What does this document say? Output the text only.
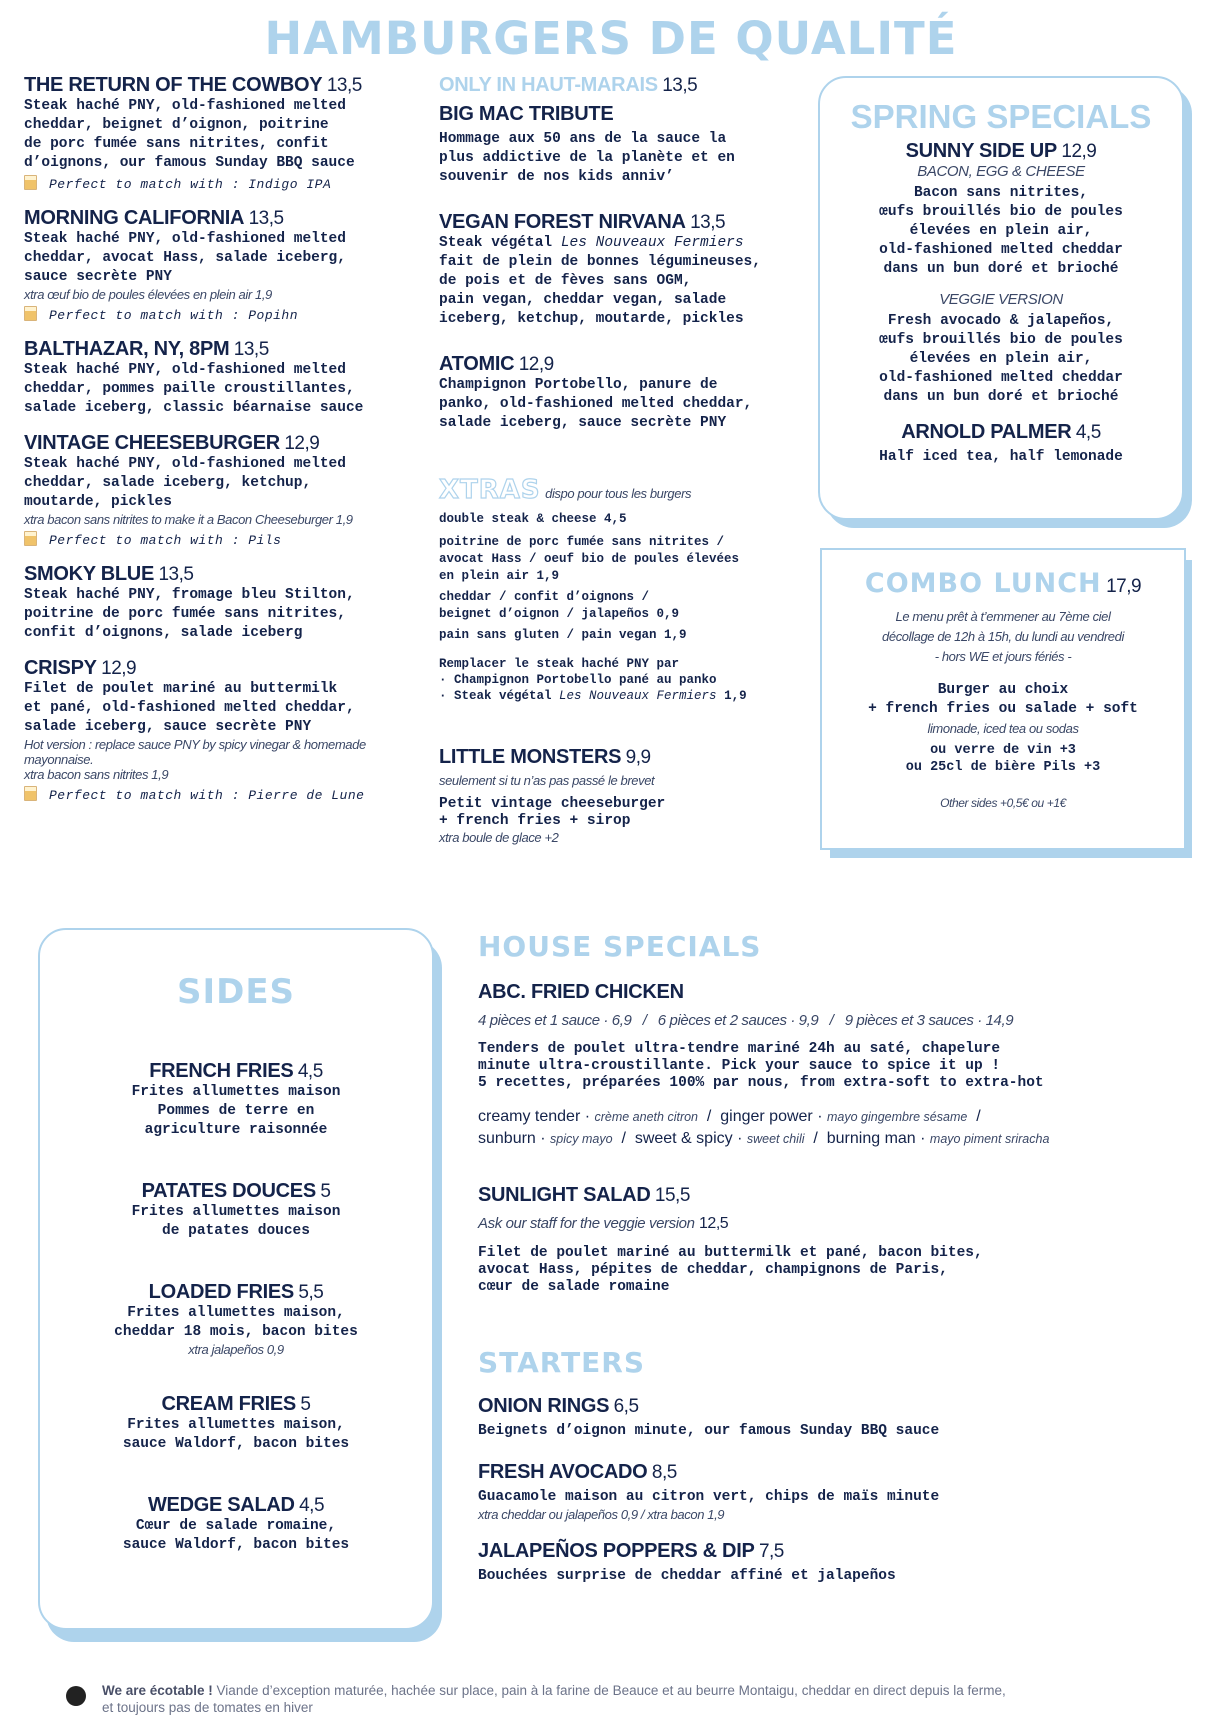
HAMBURGERS DE QUALITÉ
THE RETURN OF THE COWBOY 13,5
Steak haché PNY, old-fashioned melted
cheddar, beignet d’oignon, poitrine
de porc fumée sans nitrites, confit
d’oignons, our famous Sunday BBQ sauce
Perfect to match with : Indigo IPA
MORNING CALIFORNIA 13,5
Steak haché PNY, old-fashioned melted
cheddar, avocat Hass, salade iceberg,
sauce secrète PNY
xtra œuf bio de poules élevées en plein air 1,9
Perfect to match with : Popihn
BALTHAZAR, NY, 8PM 13,5
Steak haché PNY, old-fashioned melted
cheddar, pommes paille croustillantes,
salade iceberg, classic béarnaise sauce
VINTAGE CHEESEBURGER 12,9
Steak haché PNY, old-fashioned melted
cheddar, salade iceberg, ketchup,
moutarde, pickles
xtra bacon sans nitrites to make it a Bacon Cheeseburger 1,9
Perfect to match with : Pils
SMOKY BLUE 13,5
Steak haché PNY, fromage bleu Stilton,
poitrine de porc fumée sans nitrites,
confit d’oignons, salade iceberg
CRISPY 12,9
Filet de poulet mariné au buttermilk
et pané, old-fashioned melted cheddar,
salade iceberg, sauce secrète PNY
Hot version : replace sauce PNY by spicy vinegar & homemade mayonnaise.
xtra bacon sans nitrites 1,9
Perfect to match with : Pierre de Lune
ONLY IN HAUT-MARAIS 13,5
BIG MAC TRIBUTE
Hommage aux 50 ans de la sauce la
plus addictive de la planète et en
souvenir de nos kids anniv’
VEGAN FOREST NIRVANA 13,5
Steak végétal Les Nouveaux Fermiers
fait de plein de bonnes légumineuses,
de pois et de fèves sans OGM,
pain vegan, cheddar vegan, salade
iceberg, ketchup, moutarde, pickles
ATOMIC 12,9
Champignon Portobello, panure de
panko, old-fashioned melted cheddar,
salade iceberg, sauce secrète PNY
XTRAS dispo pour tous les burgers
double steak & cheese 4,5
poitrine de porc fumée sans nitrites /
avocat Hass / oeuf bio de poules élevées
en plein air 1,9
cheddar / confit d’oignons /
beignet d’oignon / jalapeños 0,9
pain sans gluten / pain vegan 1,9
Remplacer le steak haché PNY par
· Champignon Portobello pané au panko
· Steak végétal Les Nouveaux Fermiers 1,9
LITTLE MONSTERS 9,9
seulement si tu n’as pas passé le brevet
Petit vintage cheeseburger
+ french fries + sirop
xtra boule de glace +2
SPRING SPECIALS
SUNNY SIDE UP 12,9
BACON, EGG & CHEESE
Bacon sans nitrites,
œufs brouillés bio de poules
élevées en plein air,
old-fashioned melted cheddar
dans un bun doré et brioché
VEGGIE VERSION
Fresh avocado & jalapeños,
œufs brouillés bio de poules
élevées en plein air,
old-fashioned melted cheddar
dans un bun doré et brioché
ARNOLD PALMER 4,5
Half iced tea, half lemonade
COMBO LUNCH 17,9
Le menu prêt à t’emmener au 7ème ciel
décollage de 12h à 15h, du lundi au vendredi
- hors WE et jours fériés -
Burger au choix
+ french fries ou salade + soft
limonade, iced tea ou sodas
ou verre de vin +3
ou 25cl de bière Pils +3
Other sides +0,5€ ou +1€
SIDES
FRENCH FRIES 4,5
Frites allumettes maison
Pommes de terre en
agriculture raisonnée
PATATES DOUCES 5
Frites allumettes maison
de patates douces
LOADED FRIES 5,5
Frites allumettes maison,
cheddar 18 mois, bacon bites
xtra jalapeños 0,9
CREAM FRIES 5
Frites allumettes maison,
sauce Waldorf, bacon bites
WEDGE SALAD 4,5
Cœur de salade romaine,
sauce Waldorf, bacon bites
HOUSE SPECIALS
ABC. FRIED CHICKEN
4 pièces et 1 sauce · 6,9   /   6 pièces et 2 sauces · 9,9   /   9 pièces et 3 sauces · 14,9
Tenders de poulet ultra-tendre mariné 24h au saté, chapelure
minute ultra-croustillante. Pick your sauce to spice it up !
5 recettes, préparées 100% par nous, from extra-soft to extra-hot
creamy tender · crème aneth citron  /  ginger power · mayo gingembre sésame  /
sunburn · spicy mayo  /  sweet & spicy · sweet chili  /  burning man · mayo piment sriracha
SUNLIGHT SALAD 15,5
Ask our staff for the veggie version 12,5
Filet de poulet mariné au buttermilk et pané, bacon bites,
avocat Hass, pépites de cheddar, champignons de Paris,
cœur de salade romaine
STARTERS
ONION RINGS 6,5
Beignets d’oignon minute, our famous Sunday BBQ sauce
FRESH AVOCADO 8,5
Guacamole maison au citron vert, chips de maïs minute
xtra cheddar ou jalapeños 0,9 / xtra bacon 1,9
JALAPEÑOS POPPERS & DIP 7,5
Bouchées surprise de cheddar affiné et jalapeños
We are écotable ! Viande d’exception maturée, hachée sur place, pain à la farine de Beauce et au beurre Montaigu, cheddar en direct depuis la ferme,
et toujours pas de tomates en hiver
